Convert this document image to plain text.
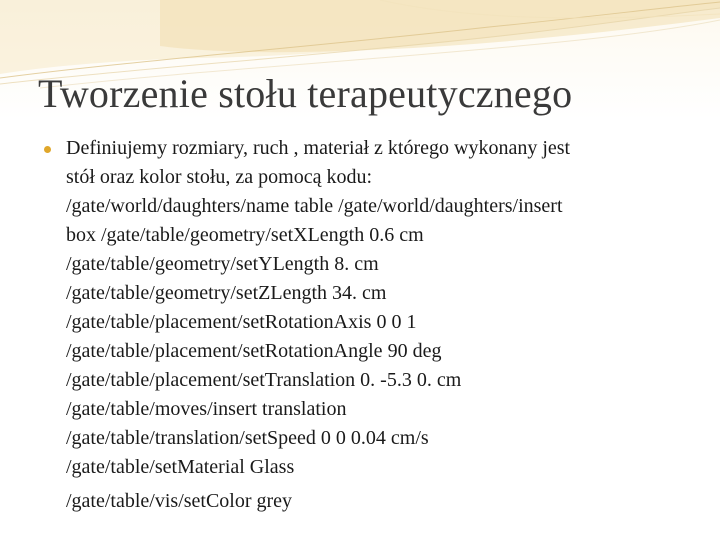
Tworzenie stołu terapeutycznego
Definiujemy rozmiary, ruch , materiał z którego wykonany jest
stół oraz kolor stołu, za pomocą kodu:
/gate/world/daughters/name table /gate/world/daughters/insert
box /gate/table/geometry/setXLength 0.6 cm
/gate/table/geometry/setYLength 8. cm
/gate/table/geometry/setZLength 34. cm
/gate/table/placement/setRotationAxis 0 0 1
/gate/table/placement/setRotationAngle 90 deg
/gate/table/placement/setTranslation 0. -5.3 0. cm
/gate/table/moves/insert translation
/gate/table/translation/setSpeed 0 0 0.04 cm/s
/gate/table/setMaterial Glass
/gate/table/vis/setColor grey
